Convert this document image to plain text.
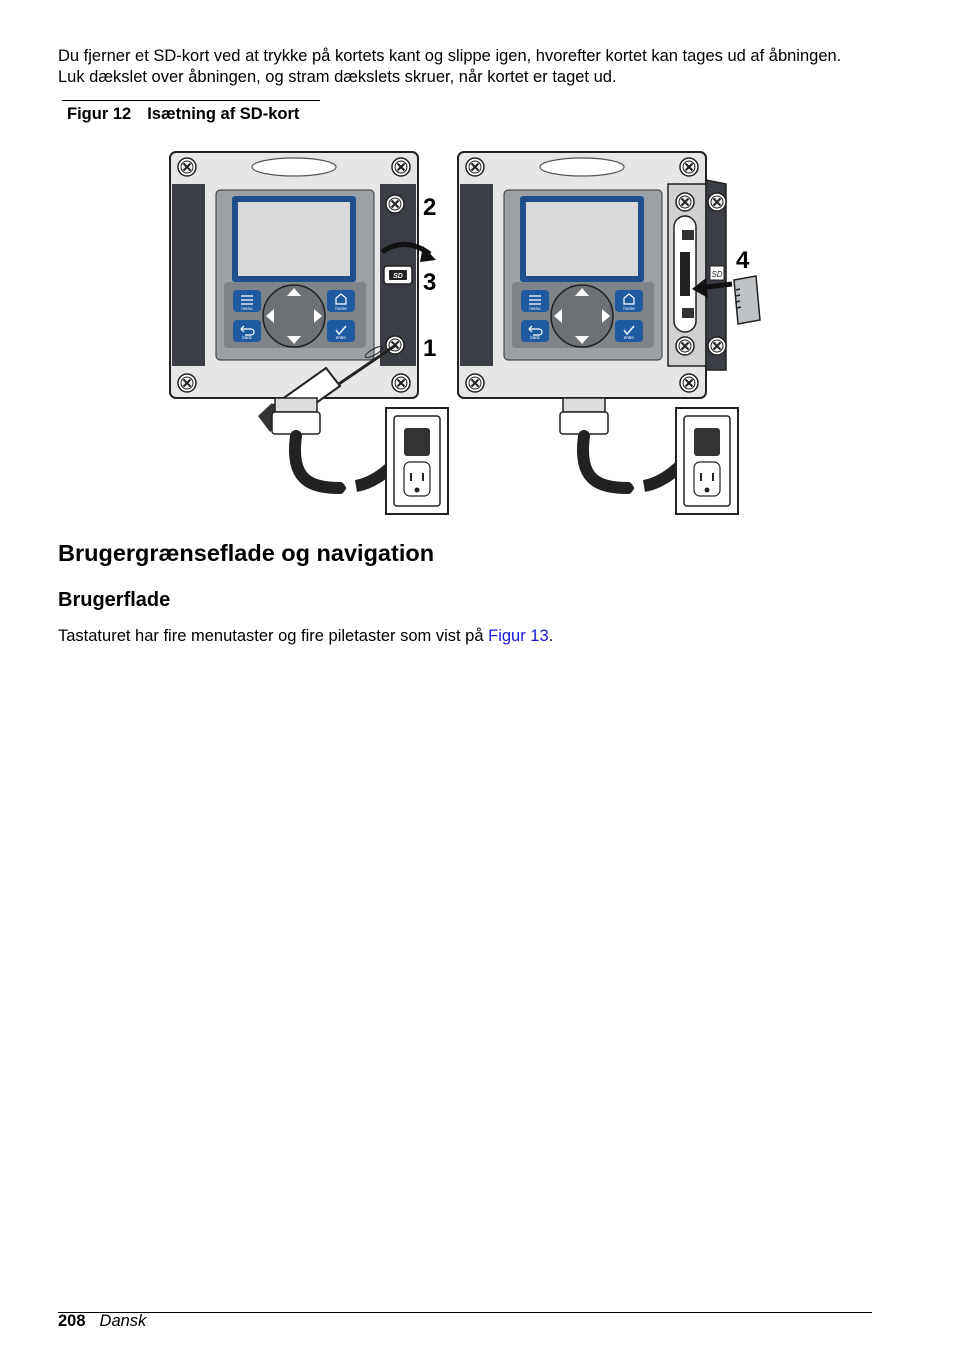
Du fjerner et SD-kort ved at trykke på kortets kant og slippe igen, hvorefter kortet kan tages ud af åbningen. Luk dækslet over åbningen, og stram dækslets skruer, når kortet er taget ud.

Figur 12 Isætning af SD-kort

menu
back
home
enter
SD
2
3
1
menu
back
home
enter
SD
4
Brugergrænseflade og navigation
Brugerflade

Tastaturet har fire menutaster og fire piletaster som vist på Figur 13.

208 Dansk
